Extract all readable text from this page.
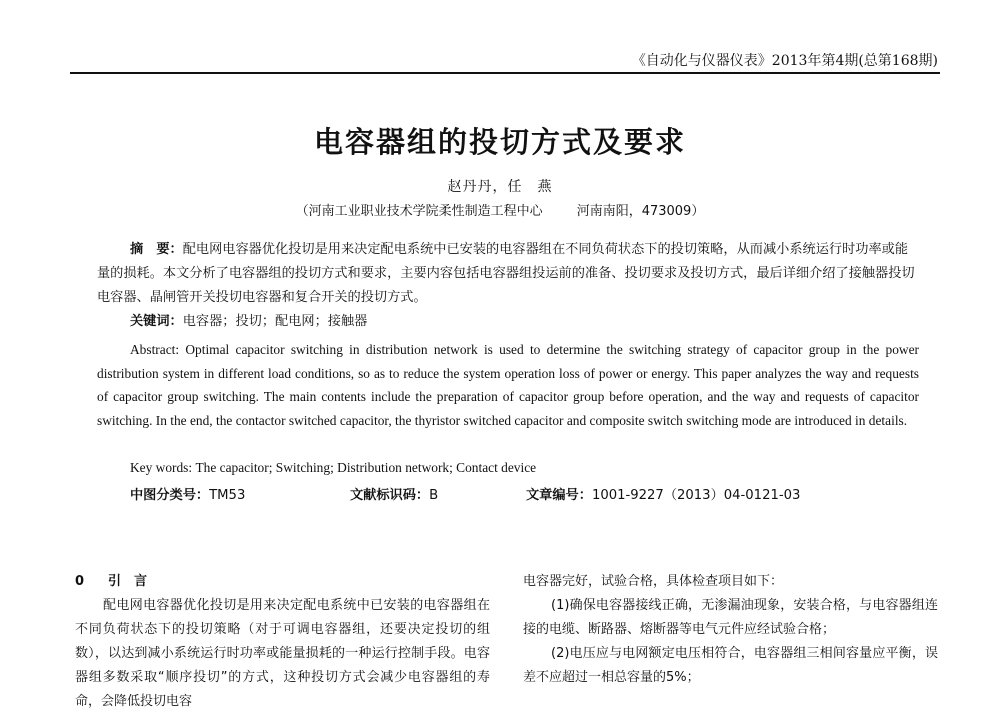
《自动化与仪器仪表》2013年第4期(总第168期)
电容器组的投切方式及要求
赵丹丹，任　燕
（河南工业职业技术学院柔性制造工程中心	河南南阳，473009）
摘　要：配电网电容器优化投切是用来决定配电系统中已安装的电容器组在不同负荷状态下的投切策略，从而减小系统运行时功率或能量的损耗。本文分析了电容器组的投切方式和要求，主要内容包括电容器组投运前的准备、投切要求及投切方式，最后详细介绍了接触器投切电容器、晶闸管开关投切电容器和复合开关的投切方式。
关键词：电容器；投切；配电网；接触器
Abstract: Optimal capacitor switching in distribution network is used to determine the switching strategy of capacitor group in the power distribution system in different load conditions, so as to reduce the system operation loss of power or energy. This paper analyzes the way and requests of capacitor group switching. The main contents include the preparation of capacitor group before operation, and the way and requests of capacitor switching. In the end, the contactor switched capacitor, the thyristor switched capacitor and composite switch switching mode are introduced in details.
Key words: The capacitor; Switching; Distribution network; Contact device
中图分类号：TM53	文献标识码：B	文章编号：1001-9227（2013）04-0121-03
0 引　言
配电网电容器优化投切是用来决定配电系统中已安装的电容器组在不同负荷状态下的投切策略（对于可调电容器组，还要决定投切的组数），以达到减小系统运行时功率或能量损耗的一种运行控制手段。电容器组多数采取“顺序投切”的方式，这种投切方式会减少电容器组的寿命，会降低投切电容
电容器完好，试验合格，具体检查项目如下：
(1)确保电容器接线正确，无渗漏油现象，安装合格，与电容器组连接的电缆、断路器、熔断器等电气元件应经试验合格；
(2)电压应与电网额定电压相符合，电容器组三相间容量应平衡，误差不应超过一相总容量的5%；
